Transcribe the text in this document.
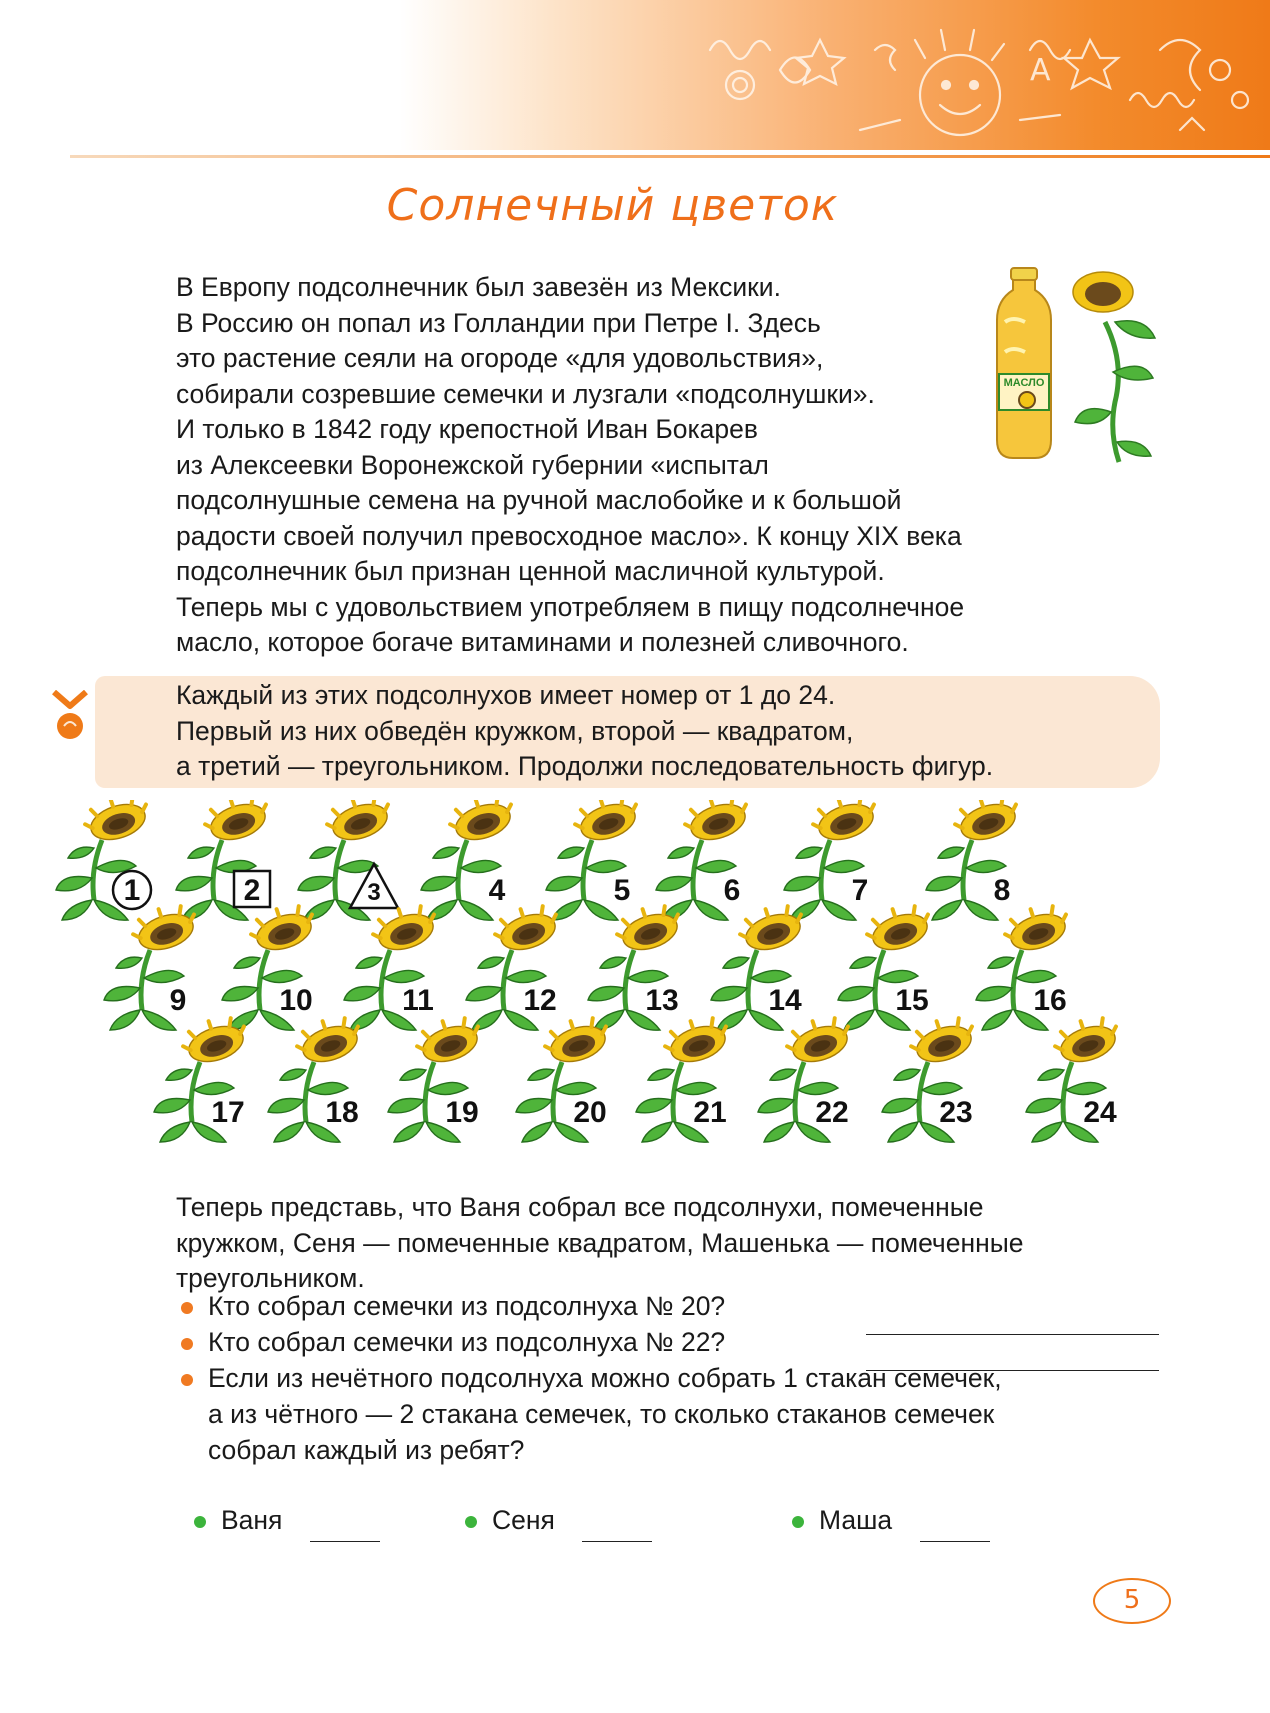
A
Солнечный цветок
В Европу подсолнечник был завезён из Мексики.
В Россию он попал из Голландии при Петре I. Здесь
это растение сеяли на огороде «для удовольствия»,
собирали созревшие семечки и лузгали «подсолнушки».
И только в 1842 году крепостной Иван Бокарев
из Алексеевки Воронежской губернии «испытал
подсолнушные семена на ручной маслобойке и к большой
радости своей получил превосходное масло». К концу XIX века
подсолнечник был признан ценной масличной культурой.
Теперь мы с удовольствием употребляем в пищу подсолнечное
масло, которое богаче витаминами и полезней сливочного.
МАСЛО
Каждый из этих подсолнухов имеет номер от 1 до 24.
Первый из них обведён кружком, второй — квадратом,
а третий — треугольником. Продолжи последовательность фигур.
1	2	3	4	5	6	7	8
9	10	11	12	13	14	15	16
17	18	19	20	21	22	23	24
Теперь представь, что Ваня собрал все подсолнухи, помеченные
кружком, Сеня — помеченные квадратом, Машенька — помеченные
треугольником.
Кто собрал семечки из подсолнуха № 20?
Кто собрал семечки из подсолнуха № 22?
Если из нечётного подсолнуха можно собрать 1 стакан семечек,
а из чётного — 2 стакана семечек, то сколько стаканов семечек
собрал каждый из ребят?
Ваня	Сеня	Маша
5
